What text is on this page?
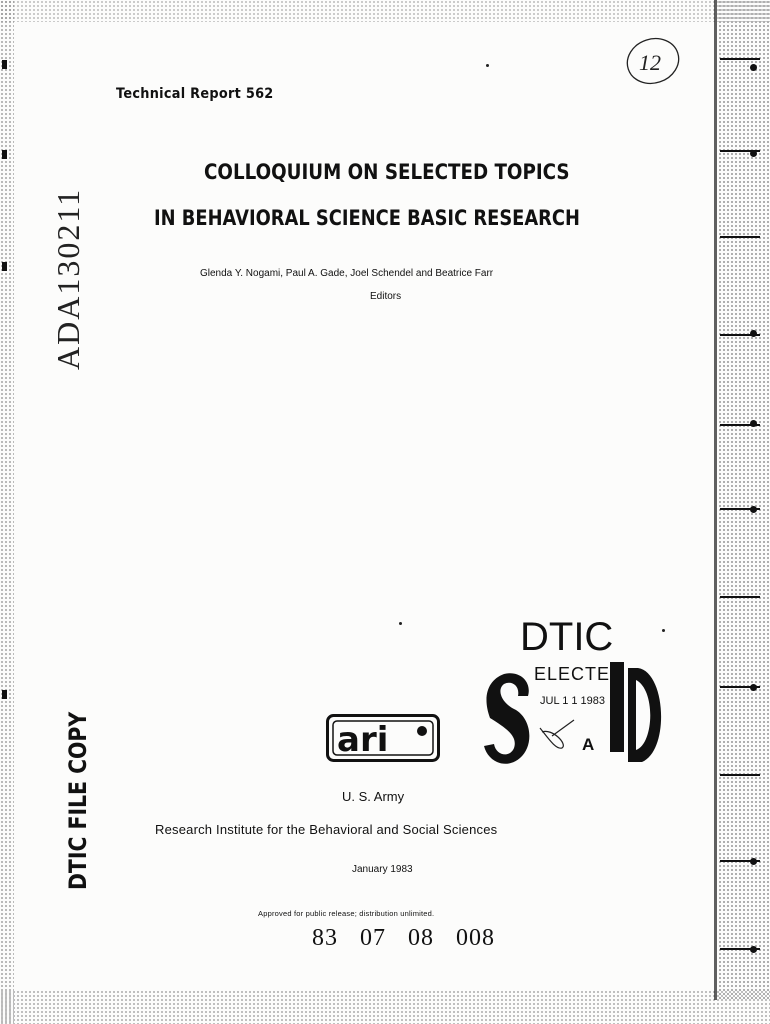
12
Technical Report 562
COLLOQUIUM ON SELECTED TOPICS
IN BEHAVIORAL SCIENCE BASIC RESEARCH
Glenda Y. Nogami, Paul A. Gade, Joel Schendel and Beatrice Farr
Editors
ADA130211
DTIC FILE COPY
DTIC
ELECTE
JUL 1 1 1983
A
ari
U. S. Army
Research Institute for the Behavioral and Social Sciences
January 1983
Approved for public release; distribution unlimited.
83 07 08 008
